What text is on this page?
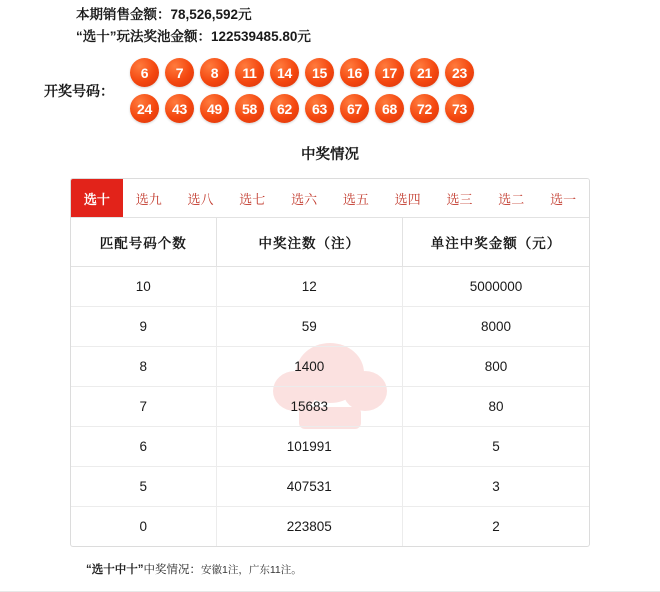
本期销售金额：78,526,592元
“选十”玩法奖池金额：122539485.80元
开奖号码：
6	7	8	11	14	15	16	17	21	23
24	43	49	58	62	63	67	68	72	73
中奖情况
选十	选九	选八	选七	选六	选五	选四	选三	选二	选一
匹配号码个数	中奖注数（注）	单注中奖金额（元）
10	12	5000000
9	59	8000
8	1400	800
7	15683	80
6	101991	5
5	407531	3
0	223805	2
“选十中十”中奖情况：安徽1注，广东11注。
